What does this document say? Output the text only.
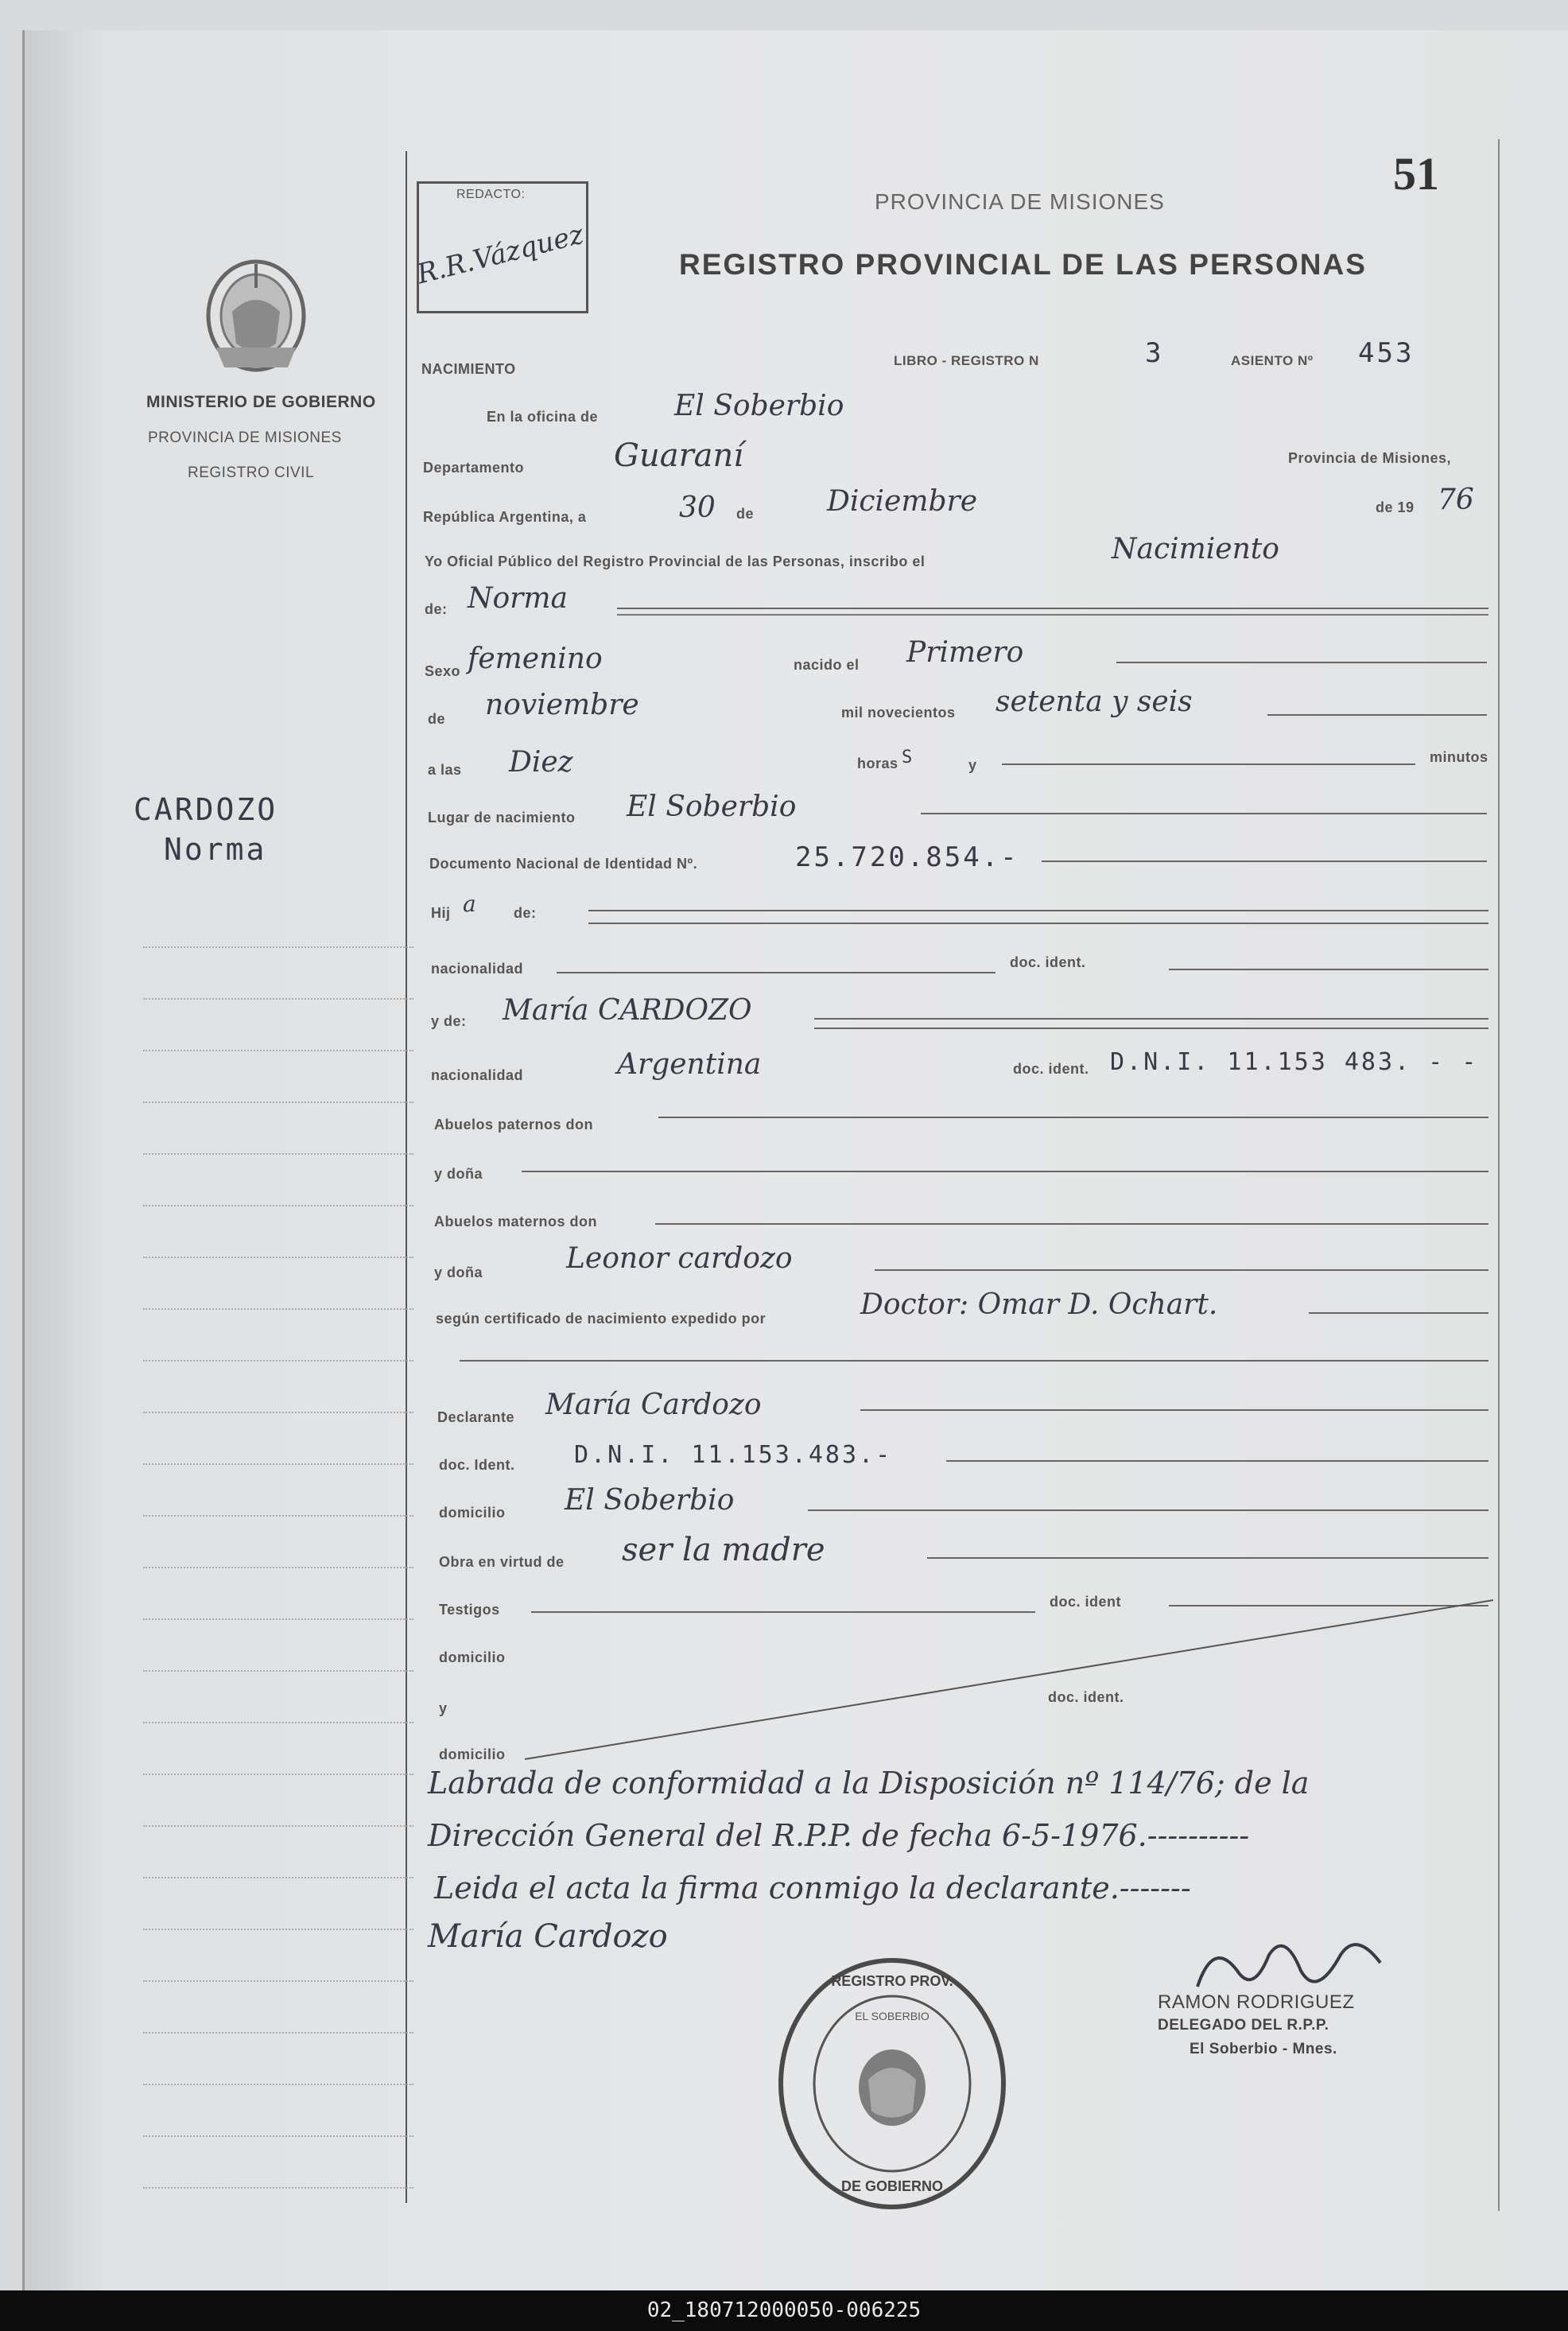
51
REDACTO:
R.R.Vázquez
PROVINCIA DE MISIONES
REGISTRO PROVINCIAL DE LAS PERSONAS
MINISTERIO DE GOBIERNO
PROVINCIA DE MISIONES
REGISTRO CIVIL
CARDOZO
Norma
NACIMIENTO
LIBRO - REGISTRO N	3	ASIENTO Nº 453
En la oficina de	El Soberbio
Departamento	Guaraní	Provincia de Misiones,
República Argentina, a	30 de	Diciembre	de 19 76
Yo Oficial Público del Registro Provincial de las Personas, inscribo el	Nacimiento
de: Norma
Sexo femenino	nacido el Primero
de noviembre	mil novecientos setenta y seis
a las Diez	horas S	y	minutos
Lugar de nacimiento El Soberbio
Documento Nacional de Identidad Nº.	25.720.854.-
Hij a	de:
nacionalidad	doc. ident.
y de: María CARDOZO
nacionalidad	Argentina	doc. ident. D.N.I. 11.153 483. - -
Abuelos paternos don
y doña
Abuelos maternos don
y doña	Leonor cardozo
según certificado de nacimiento expedido por	Doctor: Omar D. Ochart.
Declarante María Cardozo
doc. Ident. D.N.I. 11.153.483.-
domicilio El Soberbio
Obra en virtud de ser la madre
Testigos	doc. ident
domicilio
y
doc. ident.
domicilio
Labrada de conformidad a la Disposición nº 114/76; de la
Dirección General del R.P.P. de fecha 6-5-1976.----------
Leida el acta la firma conmigo la declarante.-------
María Cardozo
REGISTRO PROV.
DE GOBIERNO
EL SOBERBIO
RAMON RODRIGUEZ
DELEGADO DEL R.P.P.
El Soberbio - Mnes.
02_180712000050-006225
